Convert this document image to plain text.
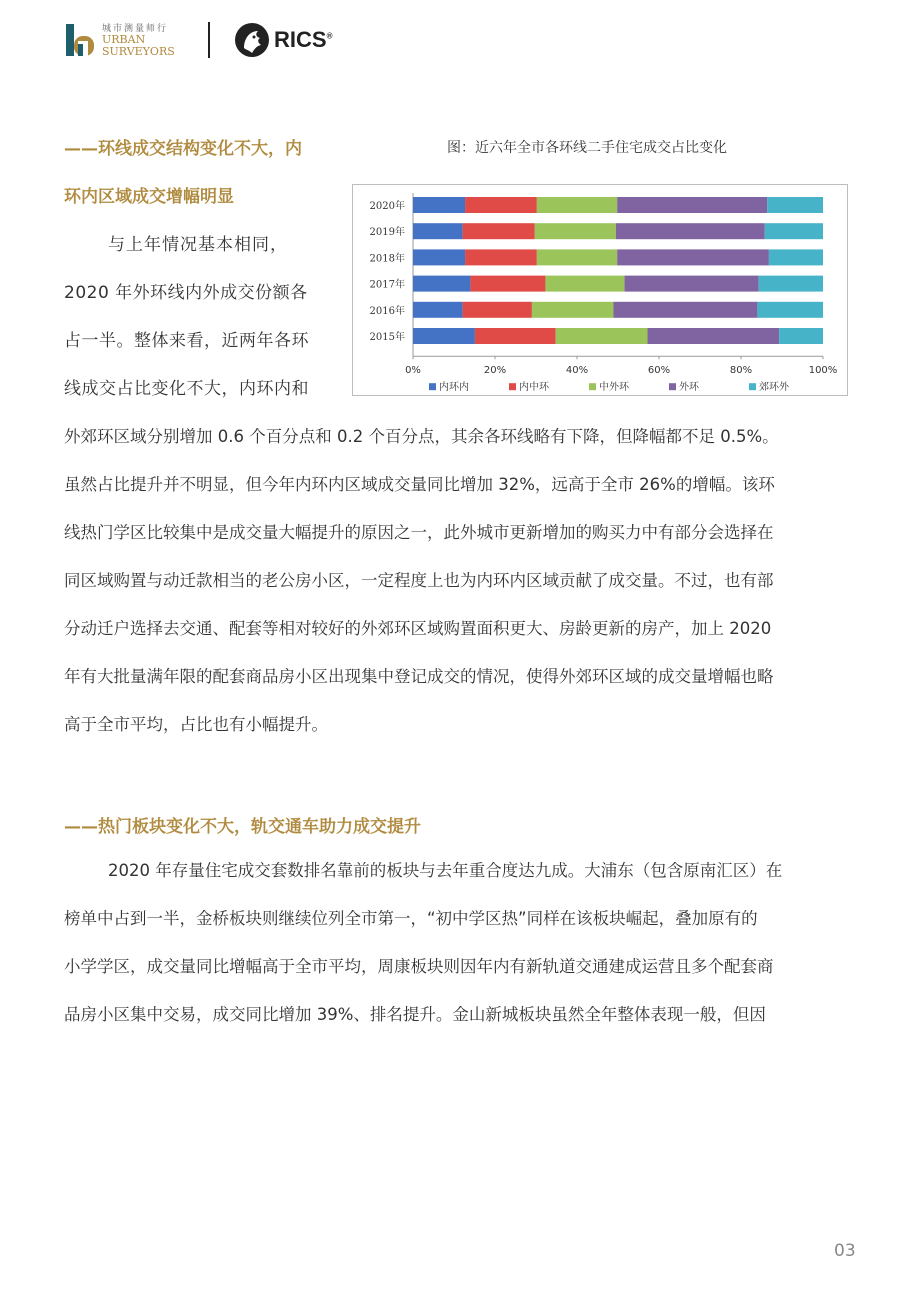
城市测量师行
URBAN
SURVEYORS	RICS®
——环线成交结构变化不大，内
环内区域成交增幅明显
与上年情况基本相同，
2020 年外环线内外成交份额各
占一半。整体来看，近两年各环
线成交占比变化不大，内环内和
外郊环区域分别增加 0.6 个百分点和 0.2 个百分点，其余各环线略有下降，但降幅都不足 0.5%。
虽然占比提升并不明显，但今年内环内区域成交量同比增加 32%，远高于全市 26%的增幅。该环
线热门学区比较集中是成交量大幅提升的原因之一，此外城市更新增加的购买力中有部分会选择在
同区域购置与动迁款相当的老公房小区，一定程度上也为内环内区域贡献了成交量。不过，也有部
分动迁户选择去交通、配套等相对较好的外郊环区域购置面积更大、房龄更新的房产，加上 2020
年有大批量满年限的配套商品房小区出现集中登记成交的情况，使得外郊环区域的成交量增幅也略
高于全市平均，占比也有小幅提升。
图：近六年全市各环线二手住宅成交占比变化
2020年
2019年
2018年
2017年
2016年
2015年
0%	20%	40%	60%	80%	100%
内环内	内中环	中外环	外环	郊环外
——热门板块变化不大，轨交通车助力成交提升
2020 年存量住宅成交套数排名靠前的板块与去年重合度达九成。大浦东（包含原南汇区）在
榜单中占到一半，金桥板块则继续位列全市第一，“初中学区热”同样在该板块崛起，叠加原有的
小学学区，成交量同比增幅高于全市平均，周康板块则因年内有新轨道交通建成运营且多个配套商
品房小区集中交易，成交同比增加 39%、排名提升。金山新城板块虽然全年整体表现一般，但因
03
